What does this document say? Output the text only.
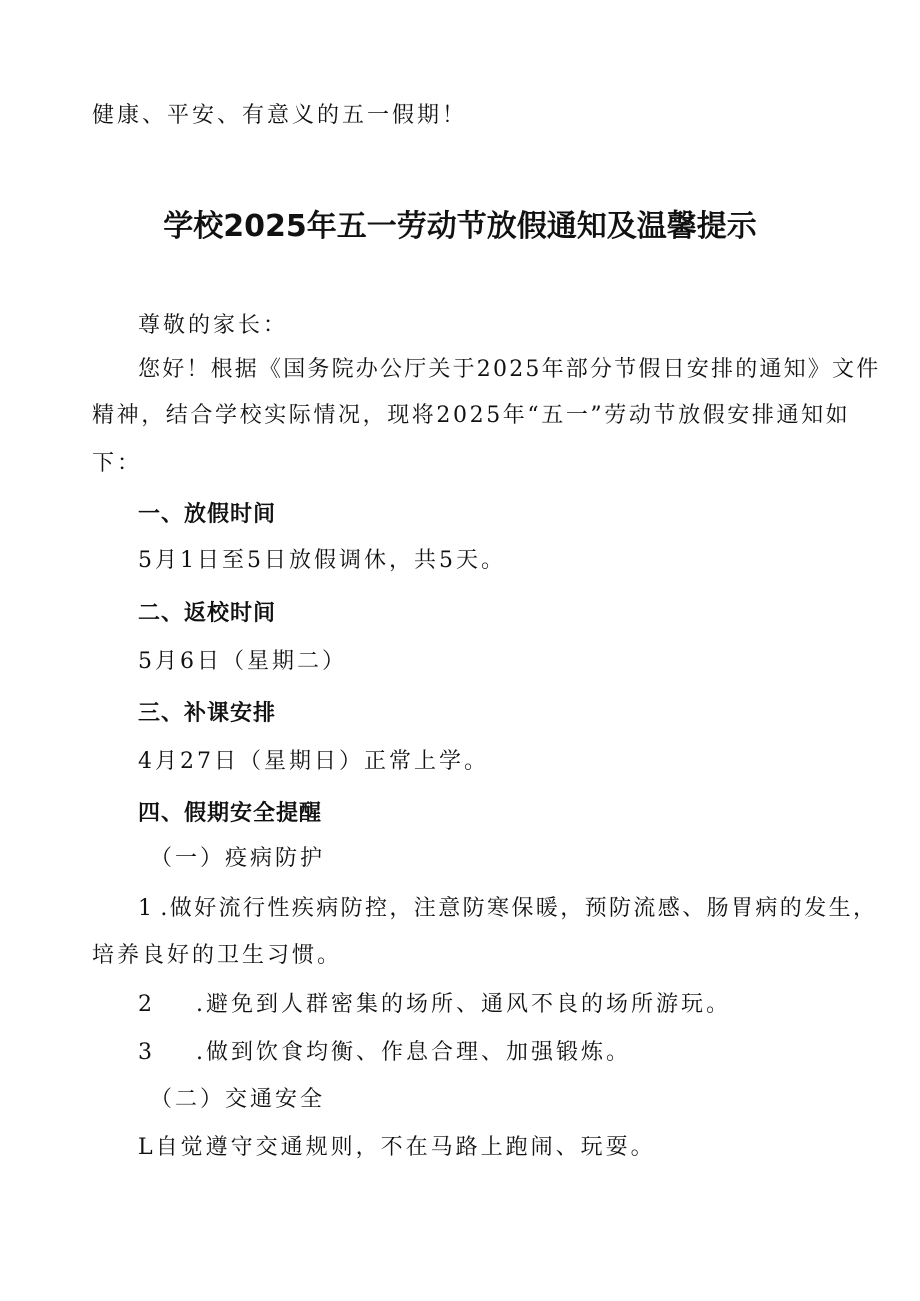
健康、平安、有意义的五一假期！
学校2025年五一劳动节放假通知及温馨提示
尊敬的家长：
您好！根据《国务院办公厅关于2025年部分节假日安排的通知》文件
精神，结合学校实际情况，现将2025年“五一”劳动节放假安排通知如
下：
一、放假时间
5月1日至5日放假调休，共5天。
二、返校时间
5月6日（星期二）
三、补课安排
4月27日（星期日）正常上学。
四、假期安全提醒
（一）疫病防护
1 .做好流行性疾病防控，注意防寒保暖，预防流感、肠胃病的发生，
培养良好的卫生习惯。
2 .避免到人群密集的场所、通风不良的场所游玩。
3 .做到饮食均衡、作息合理、加强锻炼。
（二）交通安全
L自觉遵守交通规则，不在马路上跑闹、玩耍。
